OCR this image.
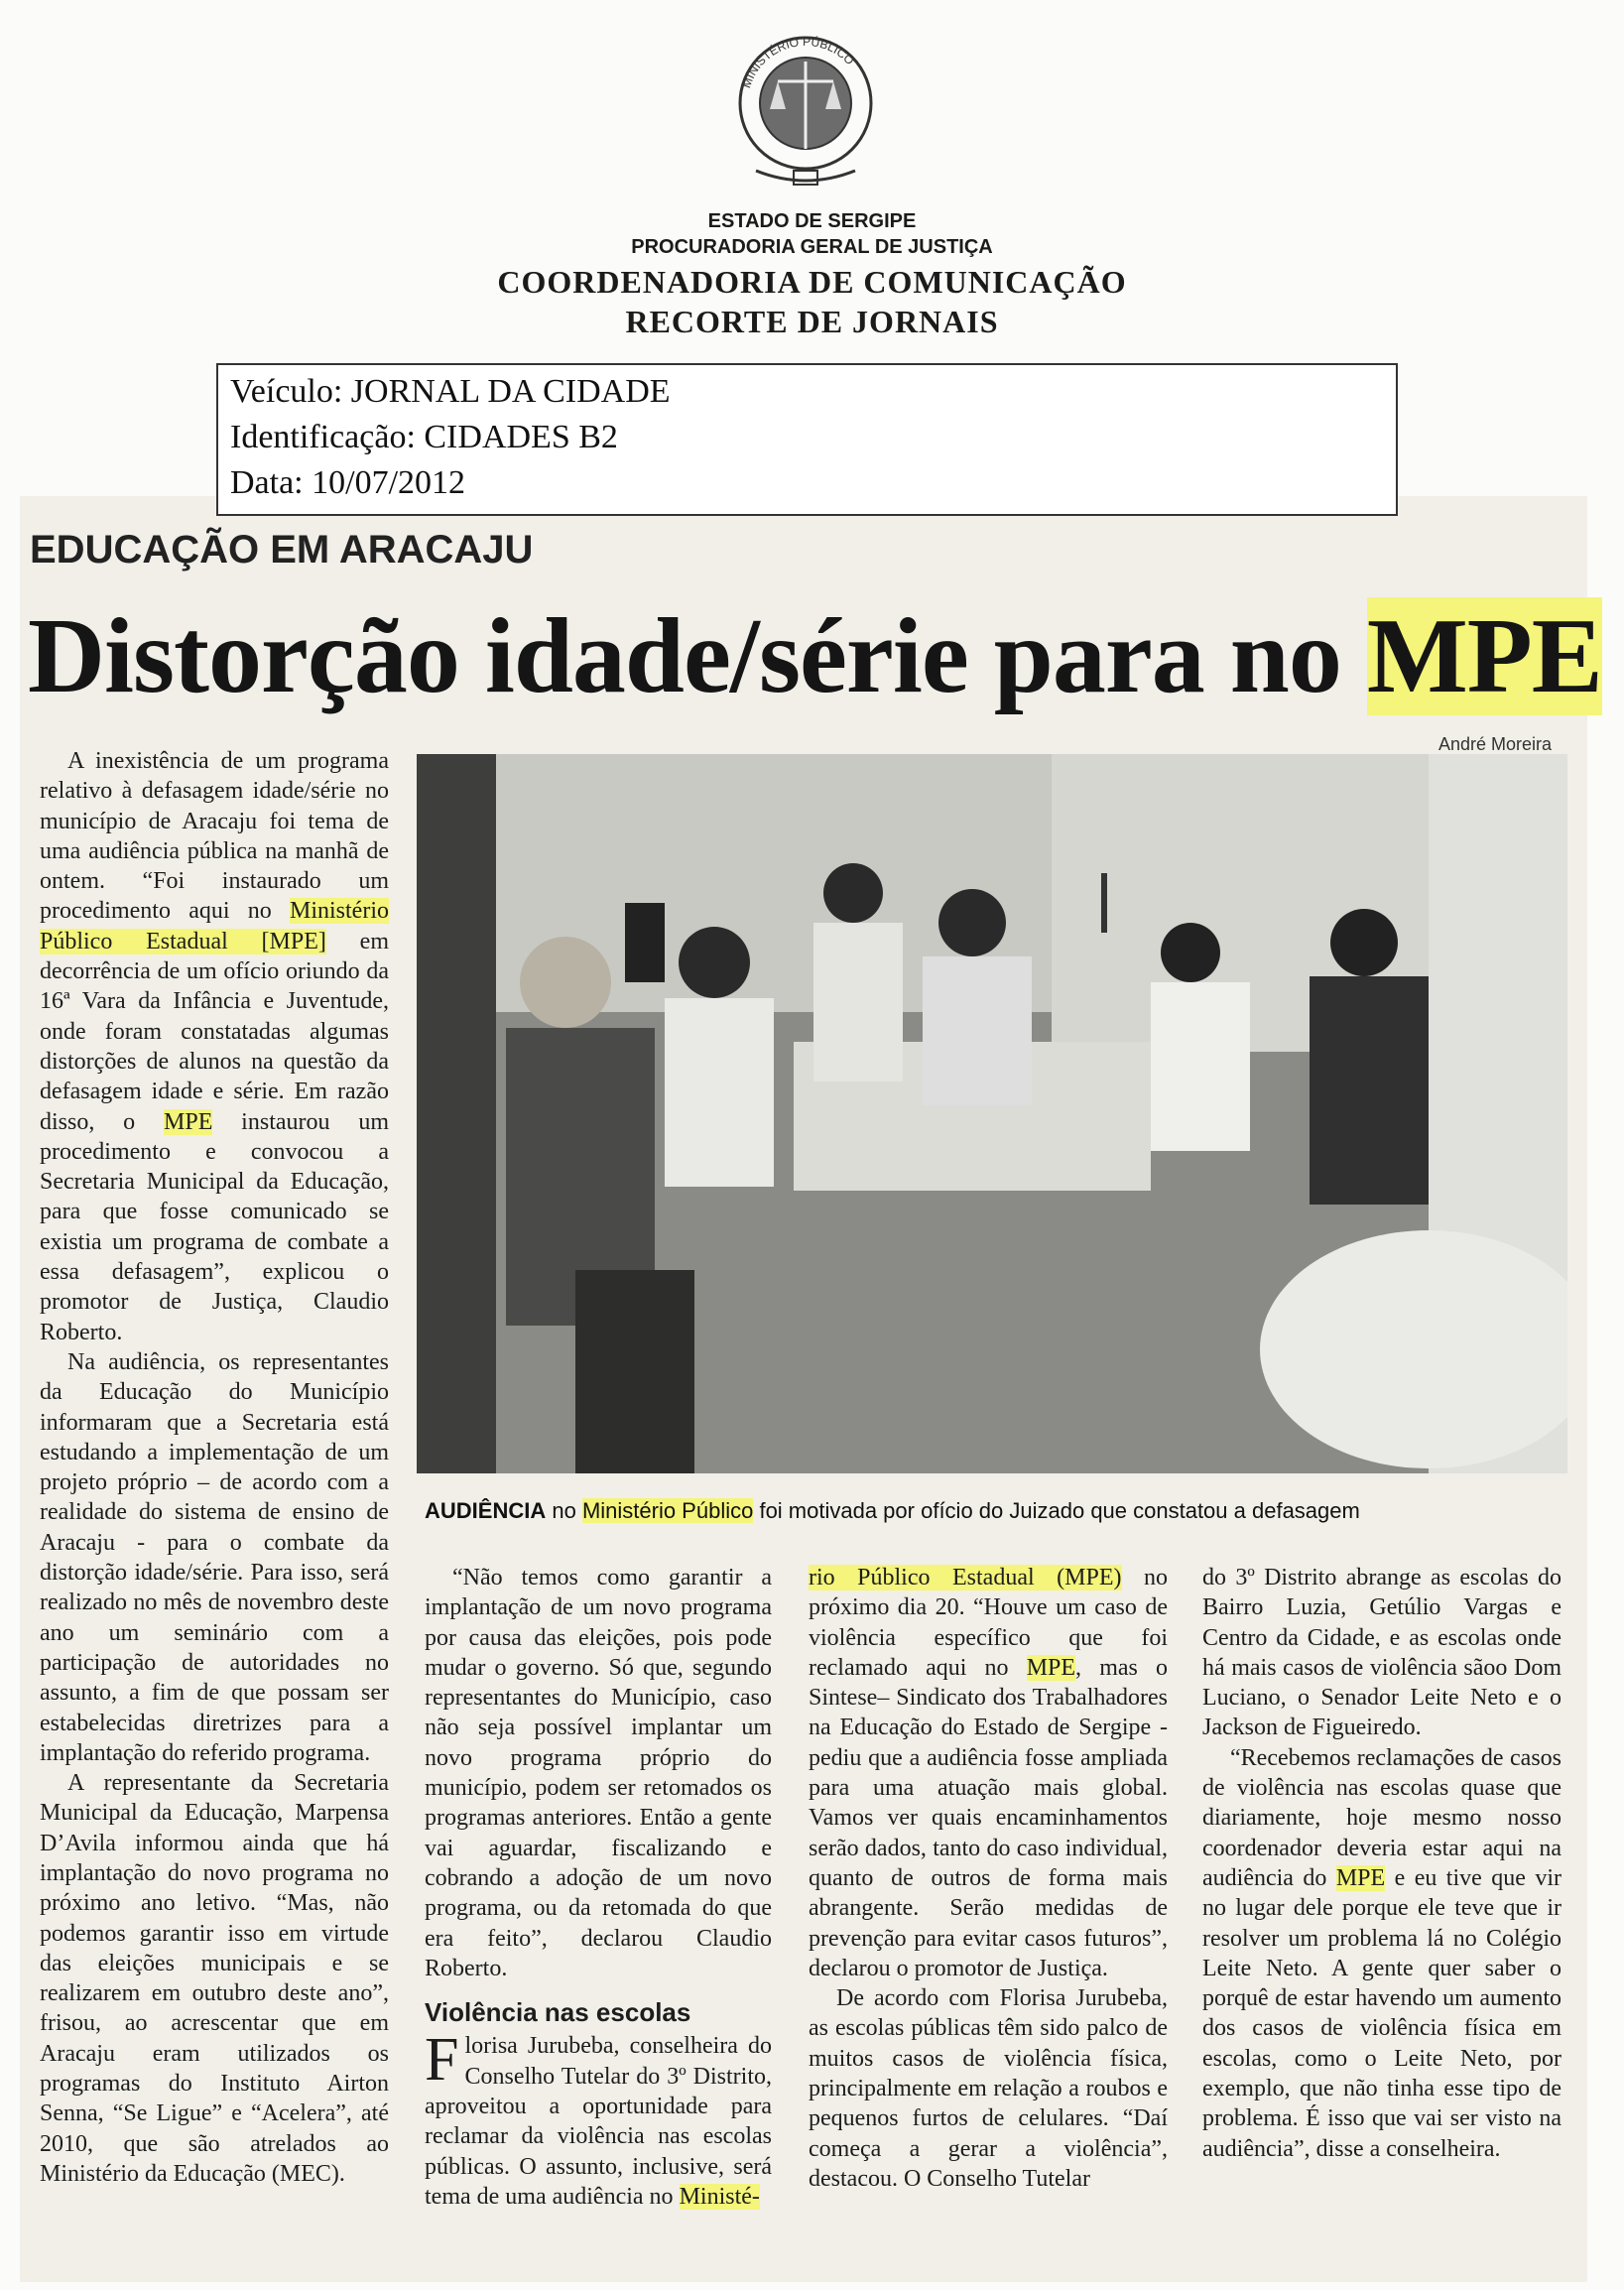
MINISTÉRIO PÚBLICO
ESTADO DE SERGIPE
PROCURADORIA GERAL DE JUSTIÇA
COORDENADORIA DE COMUNICAÇÃO
RECORTE DE JORNAIS
Veículo: JORNAL DA CIDADE
Identificação: CIDADES B2
Data: 10/07/2012
EDUCAÇÃO EM ARACAJU
Distorção idade/série para no MPE
André Moreira
AUDIÊNCIA no Ministério Público foi motivada por ofício do Juizado que constatou a defasagem

A inexistência de um programa relativo à defasagem idade/série no município de Aracaju foi tema de uma audiência pública na manhã de ontem. “Foi instaurado um procedimento aqui no Ministério Público Estadual [MPE] em decorrência de um ofício oriundo da 16ª Vara da Infância e Juventude, onde foram constatadas algumas distorções de alunos na questão da defasagem idade e série. Em razão disso, o MPE instaurou um procedimento e convocou a Secretaria Municipal da Educação, para que fosse comunicado se existia um programa de combate a essa defasagem”, explicou o promotor de Justiça, Claudio Roberto.

Na audiência, os representantes da Educação do Município informaram que a Secretaria está estudando a implementação de um projeto próprio – de acordo com a realidade do sistema de ensino de Aracaju - para o combate da distorção idade/série. Para isso, será realizado no mês de novembro deste ano um seminário com a participação de autoridades no assunto, a fim de que possam ser estabelecidas diretrizes para a implantação do referido programa.

A representante da Secretaria Municipal da Educação, Marpensa D’Avila informou ainda que há implantação do novo programa no próximo ano letivo. “Mas, não podemos garantir isso em virtude das eleições municipais e se realizarem em outubro deste ano”, frisou, ao acrescentar que em Aracaju eram utilizados os programas do Instituto Airton Senna, “Se Ligue” e “Acelera”, até 2010, que são atrelados ao Ministério da Educação (MEC).

“Não temos como garantir a implantação de um novo programa por causa das eleições, pois pode mudar o governo. Só que, segundo representantes do Município, caso não seja possível implantar um novo programa próprio do município, podem ser retomados os programas anteriores. Então a gente vai aguardar, fiscalizando e cobrando a adoção de um novo programa, ou da retomada do que era feito”, declarou Claudio Roberto.

Violência nas escolas

Florisa Jurubeba, conselheira do Conselho Tutelar do 3º Distrito, aproveitou a oportunidade para reclamar da violência nas escolas públicas. O assunto, inclusive, será tema de uma audiência no Ministé-

rio Público Estadual (MPE) no próximo dia 20. “Houve um caso de violência específico que foi reclamado aqui no MPE, mas o Sintese– Sindicato dos Trabalhadores na Educação do Estado de Sergipe - pediu que a audiência fosse ampliada para uma atuação mais global. Vamos ver quais encaminhamentos serão dados, tanto do caso individual, quanto de outros de forma mais abrangente. Serão medidas de prevenção para evitar casos futuros”, declarou o promotor de Justiça.

De acordo com Florisa Jurubeba, as escolas públicas têm sido palco de muitos casos de violência física, principalmente em relação a roubos e pequenos furtos de celulares. “Daí começa a gerar a violência”, destacou. O Conselho Tutelar

do 3º Distrito abrange as escolas do Bairro Luzia, Getúlio Vargas e Centro da Cidade, e as escolas onde há mais casos de violência sãoo Dom Luciano, o Senador Leite Neto e o Jackson de Figueiredo.

“Recebemos reclamações de casos de violência nas escolas quase que diariamente, hoje mesmo nosso coordenador deveria estar aqui na audiência do MPE e eu tive que vir no lugar dele porque ele teve que ir resolver um problema lá no Colégio Leite Neto. A gente quer saber o porquê de estar havendo um aumento dos casos de violência física em escolas, como o Leite Neto, por exemplo, que não tinha esse tipo de problema. É isso que vai ser visto na audiência”, disse a conselheira.
